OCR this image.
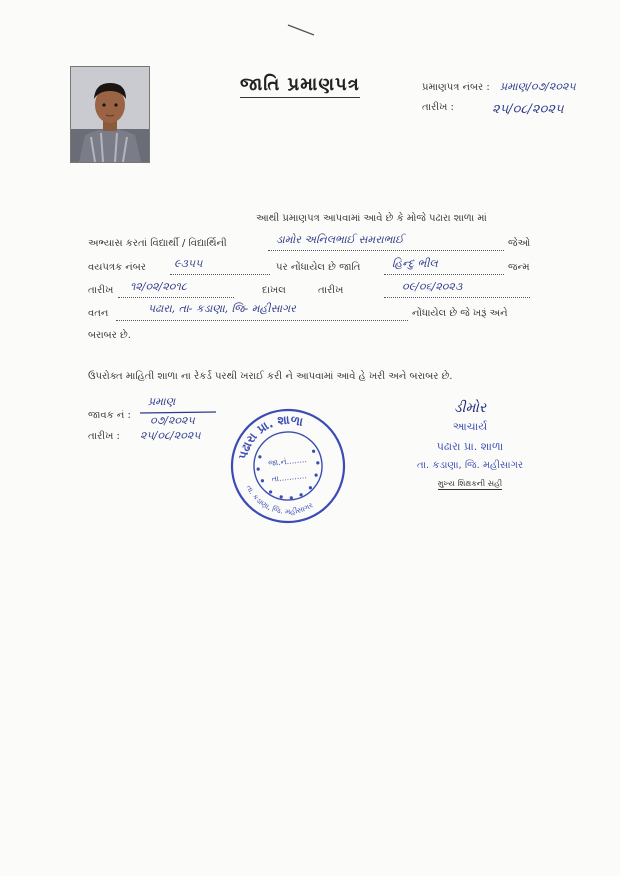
જાતિ પ્રમાણપત્ર	પ્રમાણપત્ર નંબર : પ્રમાણ/૦૭/૨૦૨૫
તારીખ :	૨૫/૦૮/૨૦૨૫
આથી પ્રમાણપત્ર આપવામાં આવે છે કે મોજે પઢારા શાળા માં
અભ્યાસ કરતાં વિદ્યાર્થી / વિદ્યાર્થિની	ડામોર અનિલભાઈ સમરાભાઈ	જેઓ
વયપત્રક નંબર	૯૩૫૫	પર નોંધાયેલ છે જાતિ	હિન્દુ ભીલ	જન્મ
તારીખ ૧૨/૦૨/૨૦૧૮	દાખલ	તારીખ	૦૯/૦૬/૨૦૨૩
વતન	પઢારા, તા- કડાણા, જિ- મહીસાગર	નોંધાયેલ છે જે ખરૂં અને
બરાબર છે.
ઉપરોક્ત માહિતી શાળા ના રેકર્ડ પરથી ખરાઈ કરી ને આપવામાં આવે હે ખરી અને બરાબર છે.
જાવક નં :
પ્રમાણ
૦૭/૨૦૨૫
તારીખ : ૨૫/૦૮/૨૦૨૫
પઢારા પ્રા. શાળા
તા. કડાણા, જિ. મહીસાગર
જા.નં........
તા...........
ડીમોર
આચાર્ય
પઢારા પ્રા. શાળા
તા. કડાણા, જિ. મહીસાગર
મુખ્ય શિક્ષકની સહી
